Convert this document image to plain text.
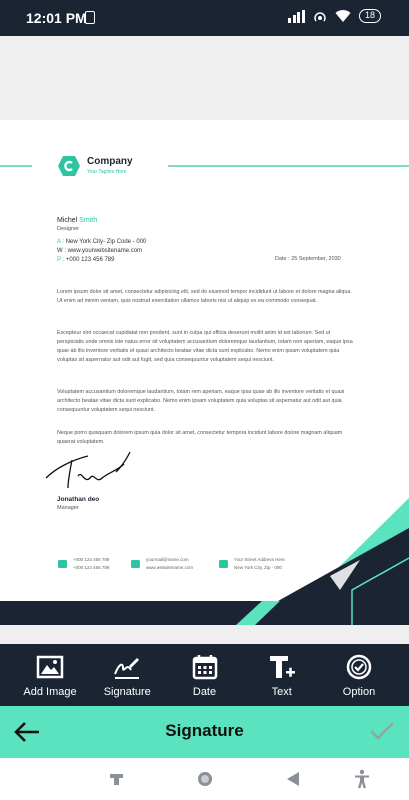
12:01 PM	18
Company
Your Tagline Here
Michel Smith
Designer
A : New York City- Zip Code - 000
W : www.yourwebsitename.com
P : +000 123 456 789	Date : 25 September, 2030
Lorem ipsum dolor sit amet, consectetur adipisicing elit, sed do eiusmod tempor incididunt ut labore et dolore magna aliqua. Ut enim ad minim veniam, quis nostrud exercitation ullamco laboris nisi ut aliquip ex ea commodo consequat.
Excepteur sint occaecat cupidatat non proident, sunt in culpa qui officia deserunt mollit anim id est laborum. Sed ut perspiciatis unde omnis iste natus error sit voluptatem accusantium doloremque laudantium, totam rem aperiam, eaque ipsa quae ab illo inventore veritatis et quasi architecto beatae vitae dicta sunt explicabo. Nemo enim ipsam voluptatem quia voluptas sit aspernatur aut odit aut fugit, sed quia consequuntur voluptatem sequi nesciunt.
Voluptatem accusantium doloremque laudantium, totam rem aperiam, eaque ipsa quae ab illo inventore veritatis et quasi architecto beatae vitae dicta sunt explicabo. Nemo enim ipsam voluptatem quia voluptas sit aspernatur aut odit aut quia consequuntur voluptatem sequi nesciunt.
Neque porro quisquam dolorem ipsum quia dolor sit amet, consectetur tempora incidunt labore dolore magnam aliquam quaerat voluptatem.
Jonathan deo
Manager
+000 123 456 789
+000 123 456 789
yourmail@name.com
www.websitename.com
Your Street Address Here
New York City, Zip - 000
Add Image Signature	Date	Text	Option
Signature
